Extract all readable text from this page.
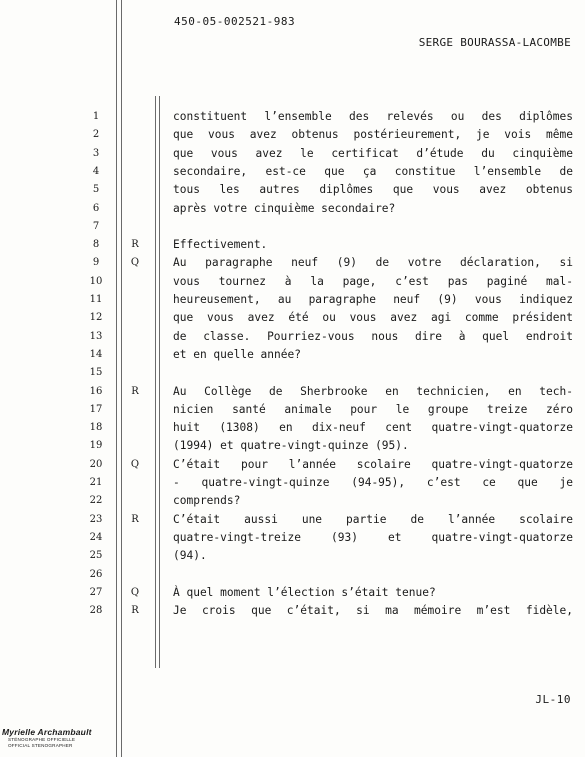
450-05-002521-983
SERGE BOURASSA-LACOMBE
1	constituent l’ensemble des relevés ou des diplômes
2	que vous avez obtenus postérieurement, je vois même
3	que vous avez le certificat d’étude du cinquième
4	secondaire, est-ce que ça constitue l’ensemble de
5	tous les autres diplômes que vous avez obtenus
6	après votre cinquième secondaire?
7
8	R	Effectivement.
9	Q	Au paragraphe neuf (9) de votre déclaration, si
10	vous tournez à la page, c’est pas paginé mal-
11	heureusement, au paragraphe neuf (9) vous indiquez
12	que vous avez été ou vous avez agi comme président
13	de classe. Pourriez-vous nous dire à quel endroit
14	et en quelle année?
15
16	R	Au Collège de Sherbrooke en technicien, en tech-
17	nicien santé animale pour le groupe treize zéro
18	huit (1308) en dix-neuf cent quatre-vingt-quatorze
19	(1994) et quatre-vingt-quinze (95).
20	Q	C’était pour l’année scolaire quatre-vingt-quatorze
21	- quatre-vingt-quinze (94-95), c’est ce que je
22	comprends?
23	R	C’était aussi une partie de l’année scolaire
24	quatre-vingt-treize (93) et quatre-vingt-quatorze
25	(94).
26
27	Q	À quel moment l’élection s’était tenue?
28	R	Je crois que c’était, si ma mémoire m’est fidèle,
JL-10
Myrielle Archambault
STÉNOGRAPHE OFFICIELLE
OFFICIAL STENOGRAPHER
